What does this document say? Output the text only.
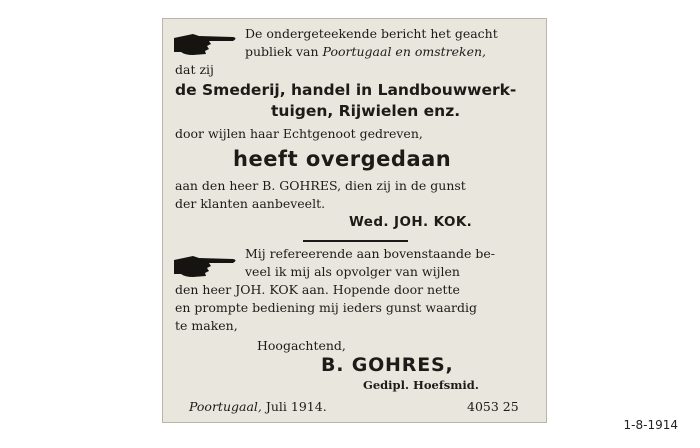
De ondergeteekende bericht het geacht
publiek van Poortugaal en omstreken,
dat zij
de Smederij, handel in Landbouwwerk-
tuigen, Rijwielen enz.
door wijlen haar Echtgenoot gedreven,
heeft overgedaan
aan den heer B. GOHRES, dien zij in de gunst
der klanten aanbeveelt.
Wed. JOH. KOK.
Mij refereerende aan bovenstaande be-
veel ik mij als opvolger van wijlen
den heer JOH. KOK aan. Hopende door nette
en prompte bediening mij ieders gunst waardig
te maken,
Hoogachtend,
B. GOHRES,
Gedipl. Hoefsmid.
Poortugaal, Juli 1914.	4053 25
1-8-1914
